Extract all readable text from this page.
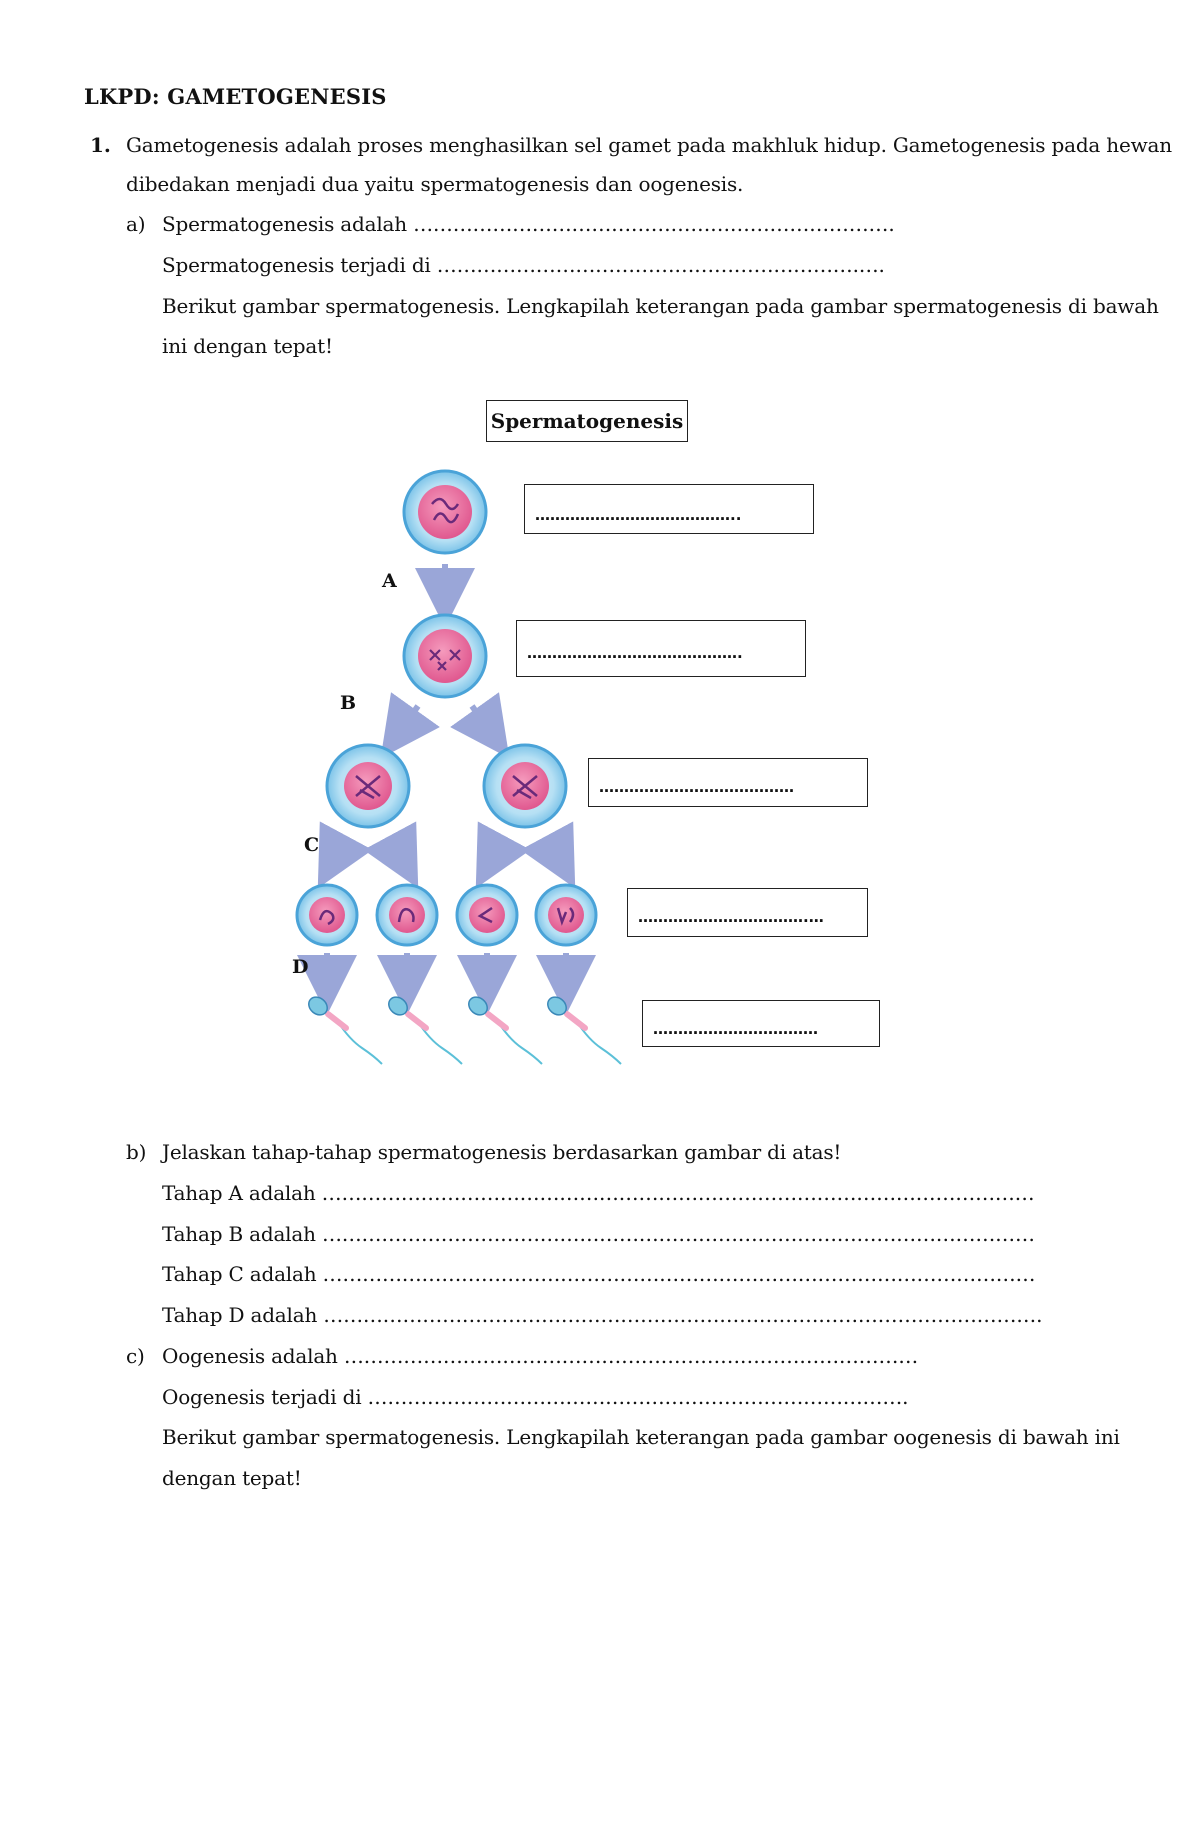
LKPD: GAMETOGENESIS
1. Gametogenesis adalah proses menghasilkan sel gamet pada makhluk hidup. Gametogenesis pada hewan
dibedakan menjadi dua yaitu spermatogenesis dan oogenesis.
a) Spermatogenesis adalah ……………………………………………………………….
Spermatogenesis terjadi di ……………………………………………………….….
Berikut gambar spermatogenesis. Lengkapilah keterangan pada gambar spermatogenesis di bawah
ini dengan tepat!
Spermatogenesis
A
B
C
D
…………………………………..
…………………………………….
…………………………………
…………………………….…
……………………………
b) Jelaskan tahap-tahap spermatogenesis berdasarkan gambar di atas!
Tahap A adalah ………………………………………………………………………………………………
Tahap B adalah ………………………………………………………………………………………………
Tahap C adalah ………………………………………………………………………………………………
Tahap D adalah ……………………………………………………………………………………………….
c) Oogenesis adalah ……………………………………………………………………………
Oogenesis terjadi di ……………………………………………………………………….
Berikut gambar spermatogenesis. Lengkapilah keterangan pada gambar oogenesis di bawah ini
dengan tepat!
